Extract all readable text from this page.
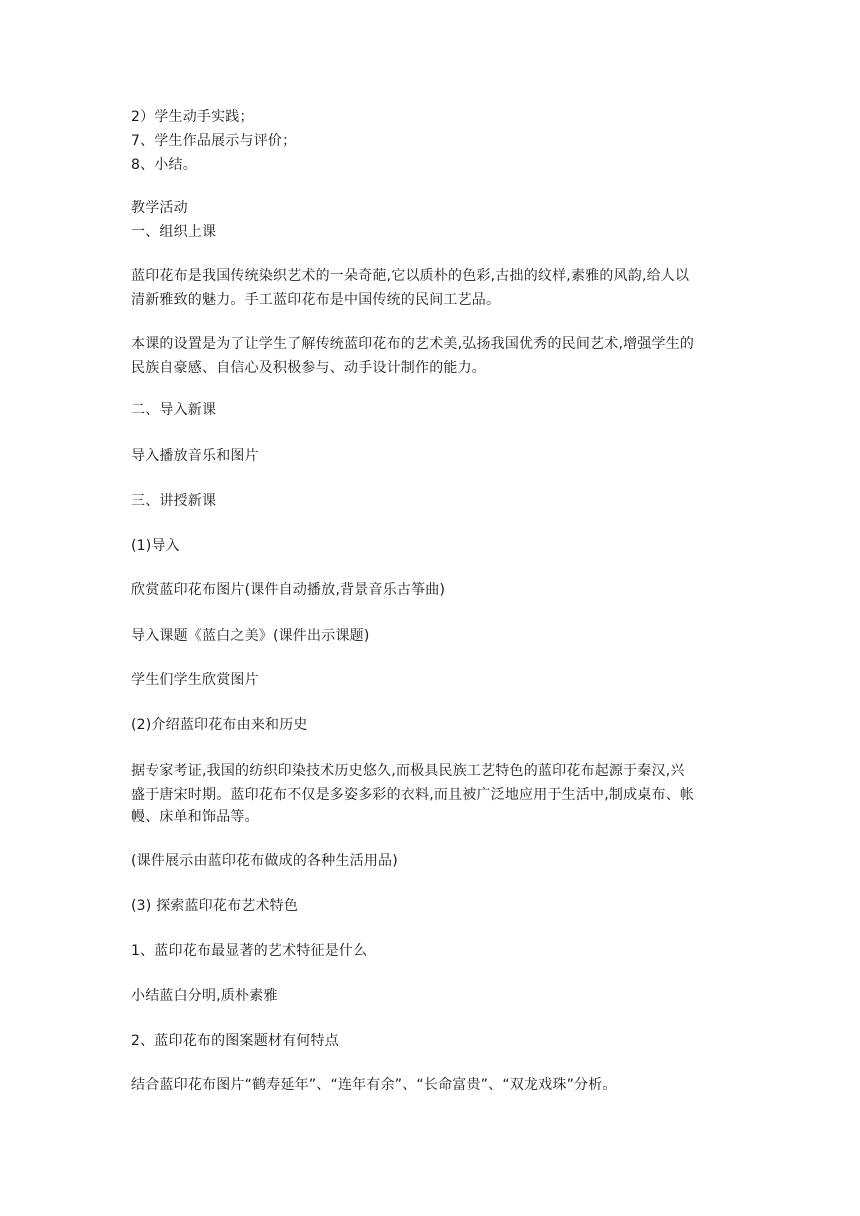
2）学生动手实践；
7、学生作品展示与评价；
8、小结。
教学活动
一、组织上课
蓝印花布是我国传统染织艺术的一朵奇葩,它以质朴的色彩,古拙的纹样,素雅的风韵,给人以
清新雅致的魅力。手工蓝印花布是中国传统的民间工艺品。
本课的设置是为了让学生了解传统蓝印花布的艺术美,弘扬我国优秀的民间艺术,增强学生的
民族自豪感、自信心及积极参与、动手设计制作的能力。
二、导入新课
导入播放音乐和图片
三、讲授新课
(1)导入
欣赏蓝印花布图片(课件自动播放,背景音乐古筝曲)
导入课题《蓝白之美》(课件出示课题)
学生们学生欣赏图片
(2)介绍蓝印花布由来和历史
据专家考证,我国的纺织印染技术历史悠久,而极具民族工艺特色的蓝印花布起源于秦汉,兴
盛于唐宋时期。蓝印花布不仅是多姿多彩的衣料,而且被广泛地应用于生活中,制成桌布、帐
幔、床单和饰品等。
(课件展示由蓝印花布做成的各种生活用品)
(3) 探索蓝印花布艺术特色
1、蓝印花布最显著的艺术特征是什么
小结蓝白分明,质朴素雅
2、蓝印花布的图案题材有何特点
结合蓝印花布图片“鹤寿延年”、“连年有余”、“长命富贵”、“双龙戏珠”分析。
